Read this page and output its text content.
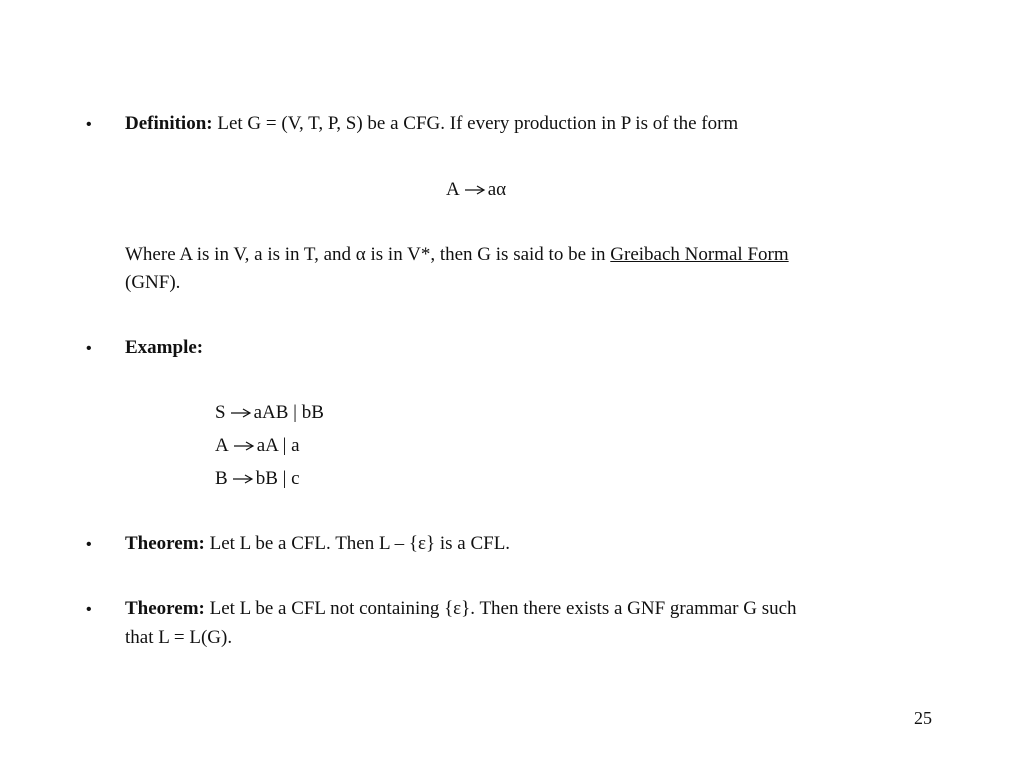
• Definition: Let G = (V, T, P, S) be a CFG. If every production in P is of the form
A aα
Where A is in V, a is in T, and α is in V*, then G is said to be in Greibach Normal Form
(GNF).
• Example:
S aAB | bB
A aA | a
B bB | c
• Theorem: Let L be a CFL. Then L – {ε} is a CFL.
• Theorem: Let L be a CFL not containing {ε}. Then there exists a GNF grammar G such
that L = L(G).
25
